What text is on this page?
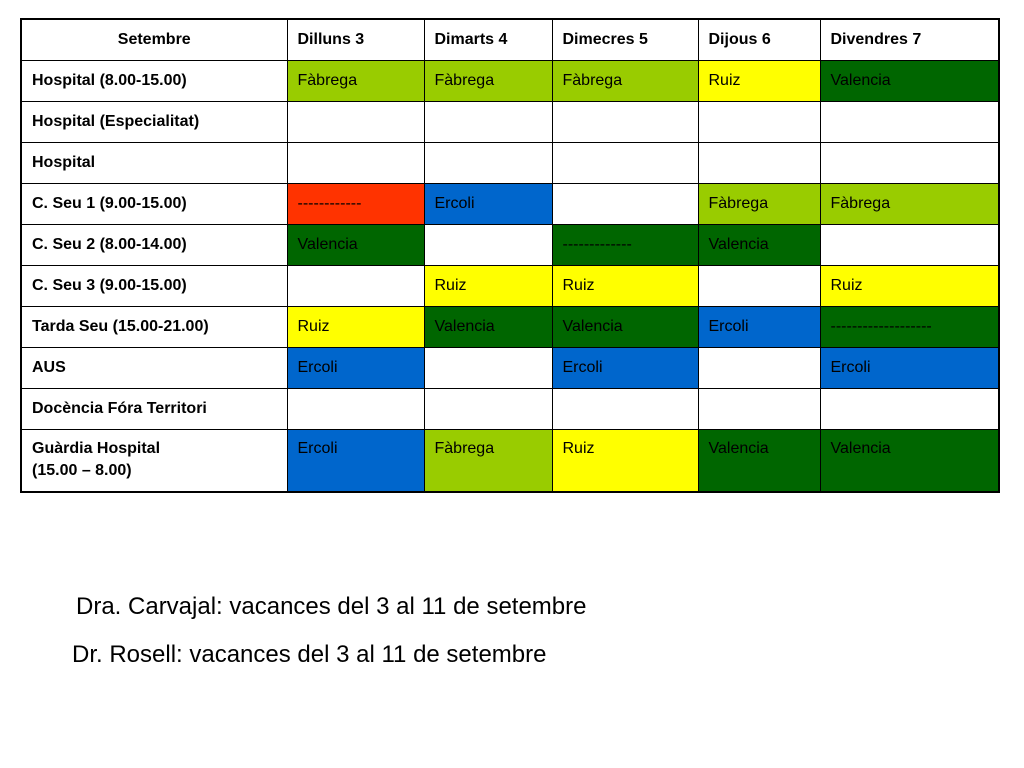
Setembre	Dilluns 3	Dimarts 4	Dimecres 5	Dijous 6	Divendres 7

Hospital (8.00-15.00)	Fàbrega	Fàbrega	Fàbrega	Ruiz	Valencia

Hospital (Especialitat)					

Hospital					

C. Seu 1 (9.00-15.00)	------------	Ercoli		Fàbrega	Fàbrega

C. Seu 2 (8.00-14.00)	Valencia		-------------	Valencia	

C. Seu 3 (9.00-15.00)		Ruiz	Ruiz		Ruiz

Tarda Seu (15.00-21.00)	Ruiz	Valencia	Valencia	Ercoli	-------------------

AUS	Ercoli		Ercoli		Ercoli

Docència Fóra Territori					

Guàrdia Hospital
(15.00 – 8.00)	Ercoli	Fàbrega	Ruiz	Valencia	Valencia
Dra. Carvajal: vacances del 3 al 11 de setembre
Dr. Rosell: vacances del 3 al 11 de setembre
